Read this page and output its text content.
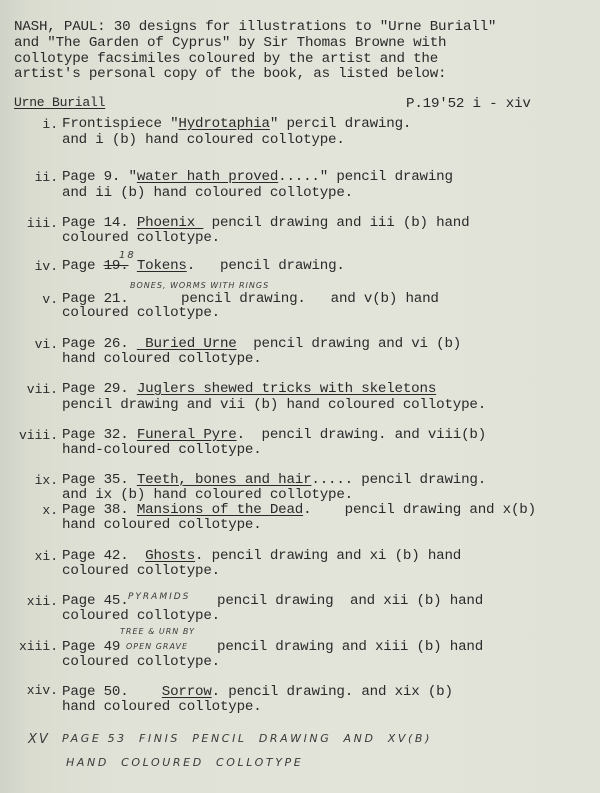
NASH, PAUL: 30 designs for illustrations to "Urne Buriall"
and "The Garden of Cyprus" by Sir Thomas Browne with
collotype facsimiles coloured by the artist and the
artist's personal copy of the book, as listed below:
Urne Buriall	P.19'52 i - xiv
i. Frontispiece "Hydrotaphia" percil drawing.
and i (b) hand coloured collotype.
ii. Page 9. "water hath proved....." pencil drawing
and ii (b) hand coloured collotype.
iii. Page 14. Phoenix  pencil drawing and iii (b) hand
coloured collotype.
iv. Page 19. Tokens.   pencil drawing.
18
v. Page 21.
BONES, WORMS WITH RINGS
pencil drawing.   and v(b) hand
coloured collotype.
vi. Page 26.  Buried Urne  pencil drawing and vi (b)
hand coloured collotype.
vii. Page 29. Juglers shewed tricks with skeletons
pencil drawing and vii (b) hand coloured collotype.
viii. Page 32. Funeral Pyre.  pencil drawing. and viii(b)
hand-coloured collotype.
ix. Page 35. Teeth, bones and hair..... pencil drawing.
and ix (b) hand coloured collotype.
x. Page 38. Mansions of the Dead.    pencil drawing and x(b)
hand coloured collotype.
xi. Page 42.  Ghosts. pencil drawing and xi (b) hand
coloured collotype.
xii. Page 45. PYRAMIDS pencil drawing  and xii (b) hand
coloured collotype.
xiii. Page 49
TREE & URN BY
OPEN GRAVE pencil drawing and xiii (b) hand
coloured collotype.
xiv. Page 50.    Sorrow. pencil drawing. and xix (b)
hand coloured collotype.
XV PAGE 53  FINIS  PENCIL  DRAWING  AND  XV(B)
HAND  COLOURED  COLLOTYPE
